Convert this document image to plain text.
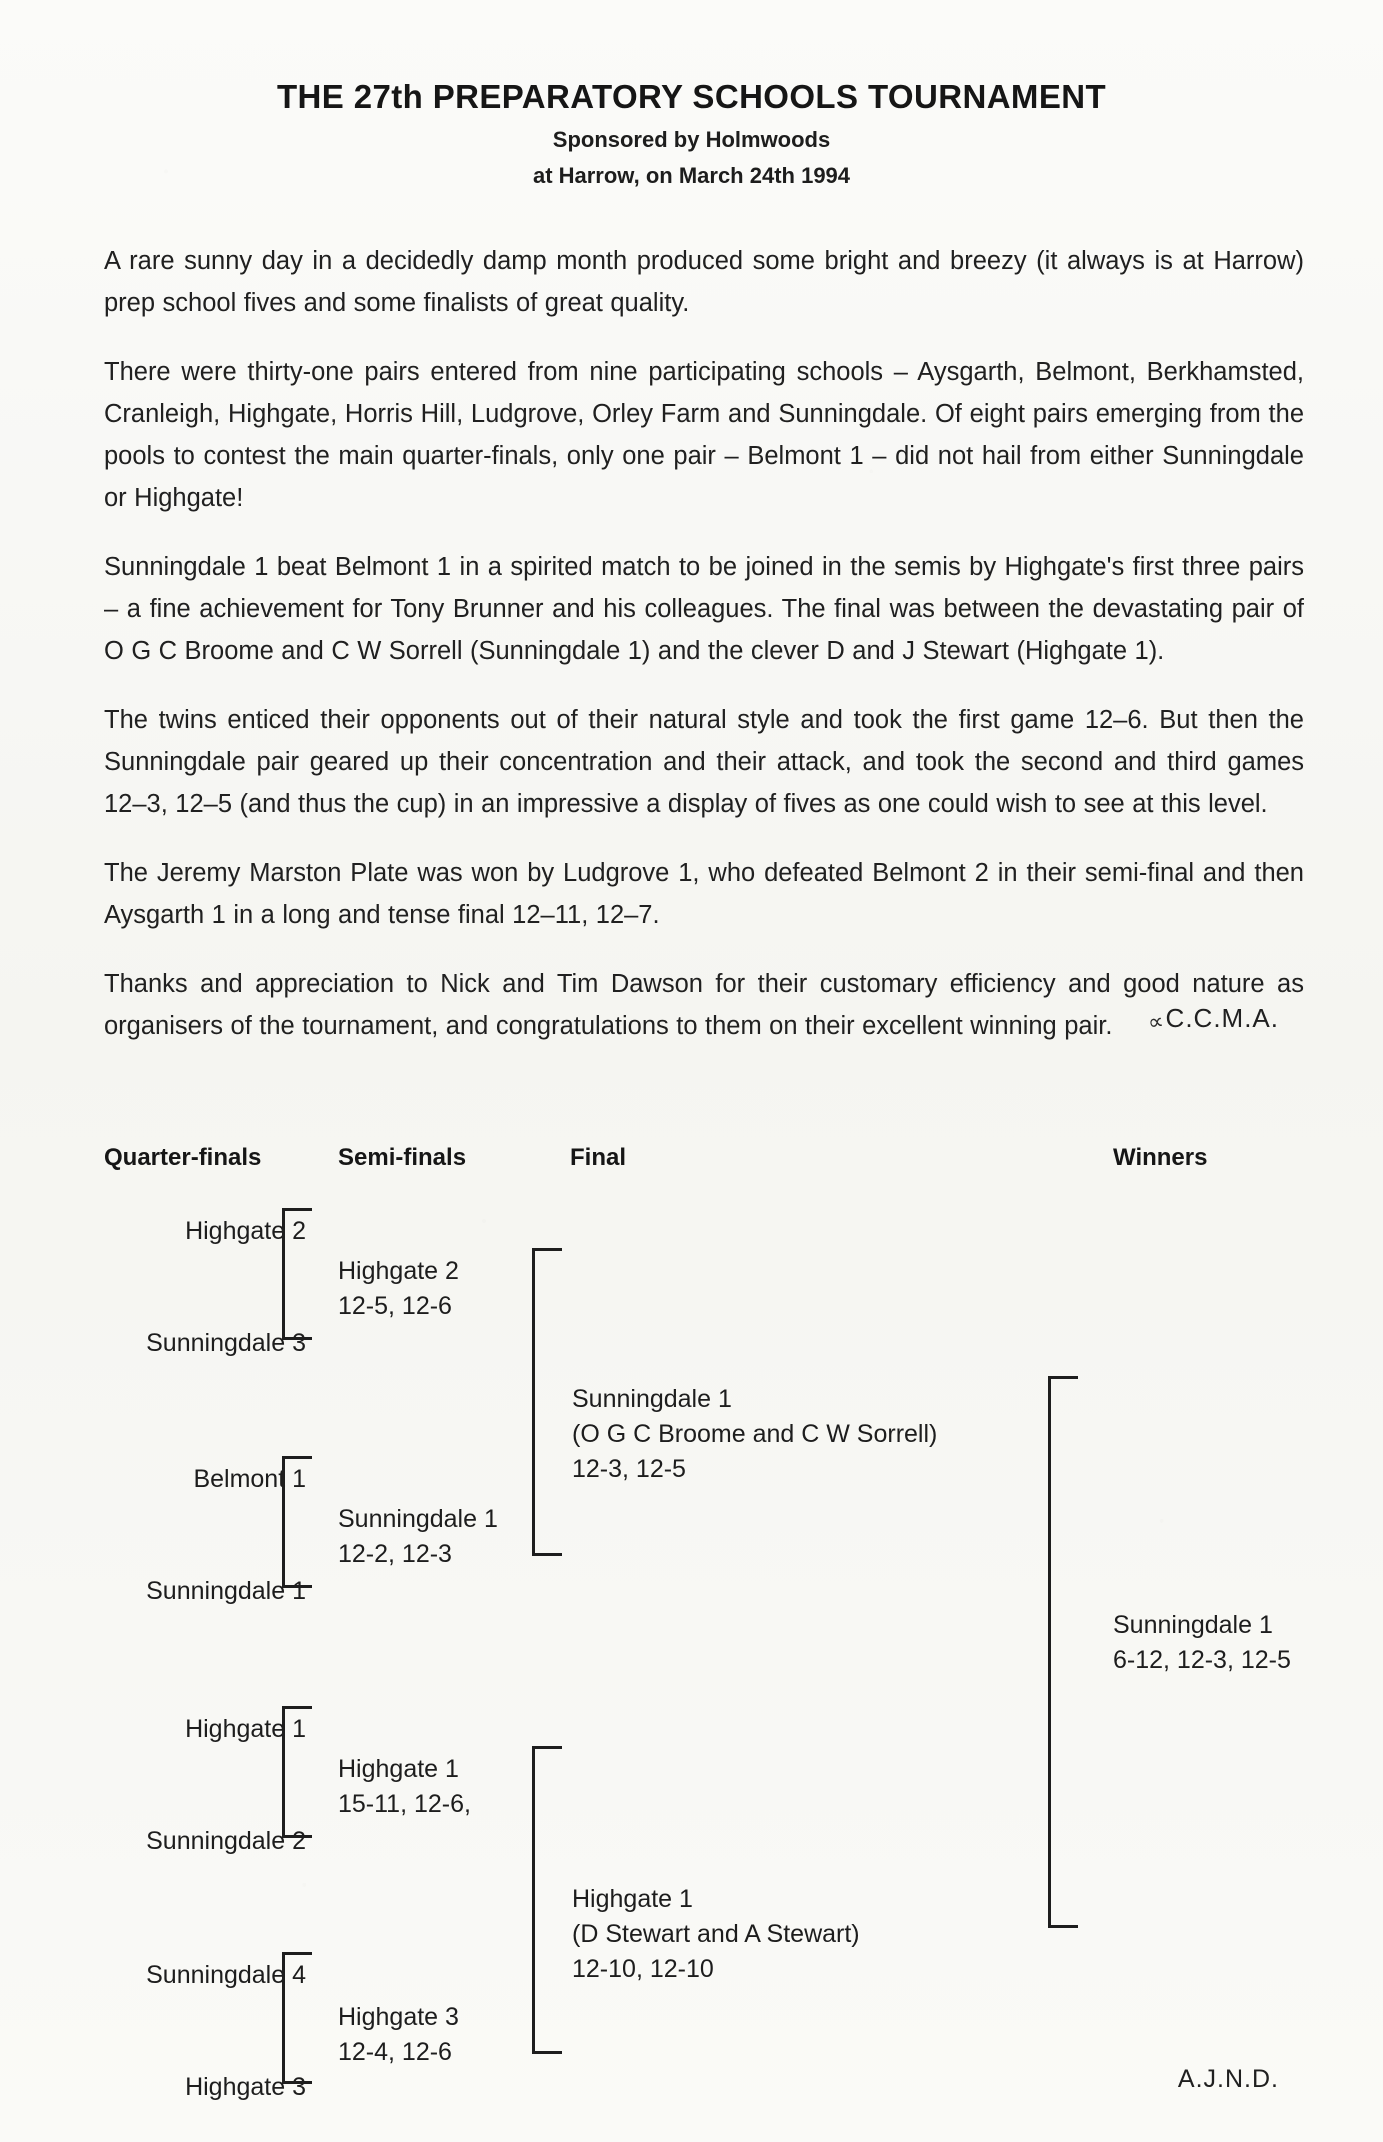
THE 27th PREPARATORY SCHOOLS TOURNAMENT
Sponsored by Holmwoods
at Harrow, on March 24th 1994

A rare sunny day in a decidedly damp month produced some bright and breezy (it always is at Harrow) prep school fives and some finalists of great quality.

There were thirty-one pairs entered from nine participating schools – Aysgarth, Belmont, Berkhamsted, Cranleigh, Highgate, Horris Hill, Ludgrove, Orley Farm and Sunningdale. Of eight pairs emerging from the pools to contest the main quarter-finals, only one pair – Belmont 1 – did not hail from either Sunningdale or Highgate!

Sunningdale 1 beat Belmont 1 in a spirited match to be joined in the semis by Highgate's first three pairs – a fine achievement for Tony Brunner and his colleagues. The final was between the devastating pair of O G C Broome and C W Sorrell (Sunningdale 1) and the clever D and J Stewart (Highgate 1).

The twins enticed their opponents out of their natural style and took the first game 12–6. But then the Sunningdale pair geared up their concentration and their attack, and took the second and third games 12–3, 12–5 (and thus the cup) in an impressive a display of fives as one could wish to see at this level.

The Jeremy Marston Plate was won by Ludgrove 1, who defeated Belmont 2 in their semi-final and then Aysgarth 1 in a long and tense final 12–11, 12–7.

Thanks and appreciation to Nick and Tim Dawson for their customary efficiency and good nature as organisers of the tournament, and congratulations to them on their excellent winning pair.	∝C.C.M.A.
Quarter-finals	Semi-finals	Final	Winners
Highgate 2
Sunningdale 3
Belmont 1
Sunningdale 1
Highgate 1
Sunningdale 2
Sunningdale 4
Highgate 3
Highgate 2
12-5, 12-6
Sunningdale 1
12-2, 12-3
Highgate 1
15-11, 12-6,
Highgate 3
12-4, 12-6
Sunningdale 1
(O G C Broome and C W Sorrell)
12-3, 12-5
Highgate 1
(D Stewart and A Stewart)
12-10, 12-10
Sunningdale 1
6-12, 12-3, 12-5
A.J.N.D.
